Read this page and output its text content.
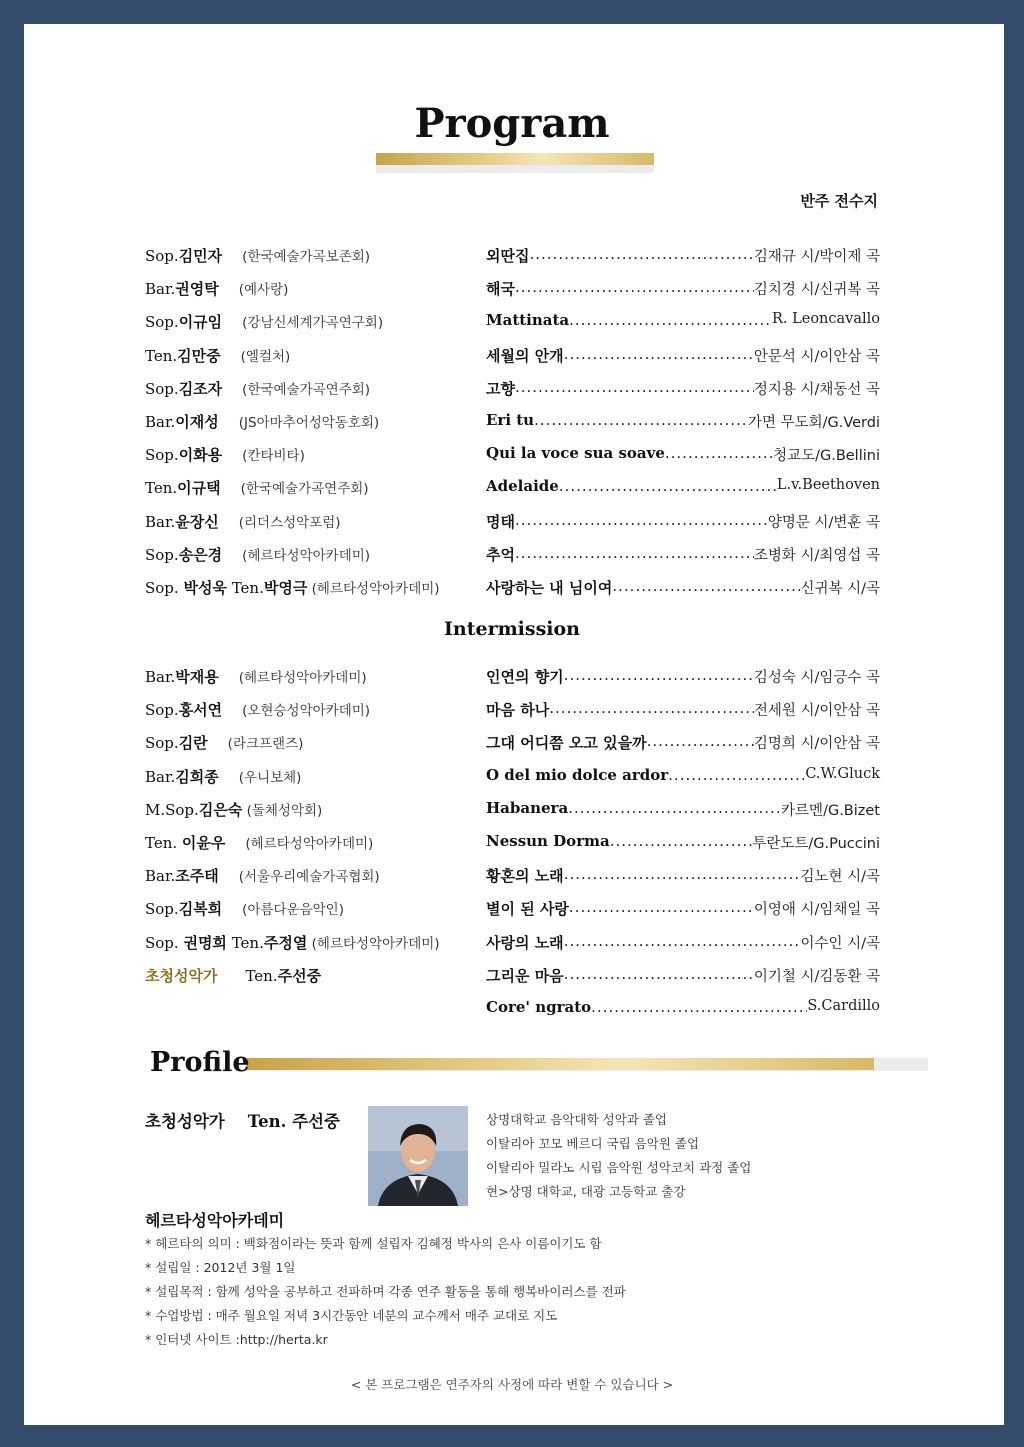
Program
반주 전수지
Sop.김민자 (한국예술가곡보존회)	외딴집 .....	김재규 시/박이제 곡
Bar.권영탁 (예사랑)	해국 .....	김치경 시/신귀복 곡
Sop.이규임 (강남신세계가곡연구회)	Mattinata .....	R. Leoncavallo
Ten.김만중 (엘컬처)	세월의 안개 .....	안문석 시/이안삼 곡
Sop.김조자 (한국예술가곡연주회)	고향 .....	정지용 시/채동선 곡
Bar.이재성 (JS아마추어성악동호회)	Eri tu .....	가면 무도회/G.Verdi
Sop.이화용 (칸타비타)	Qui la voce sua soave .....	청교도/G.Bellini
Ten.이규택 (한국예술가곡연주회)	Adelaide .....	L.v.Beethoven
Bar.윤장신 (리더스성악포럼)	명태 .....	양명문 시/변훈 곡
Sop.송은경 (헤르타성악아카데미)	추억 .....	조병화 시/최영섭 곡
Sop. 박성욱 Ten.박영극 (헤르타성악아카데미)	사랑하는 내 님이여 .....	신귀복 시/곡
Intermission
Bar.박재용 (헤르타성악아카데미)	인연의 향기 .....	김성숙 시/임긍수 곡
Sop.홍서연 (오현승성악아카데미)	마음 하나 .....	전세원 시/이안삼 곡
Sop.김란 (라크프랜즈)	그대 어디쯤 오고 있을까 .....	김명희 시/이안삼 곡
Bar.김희종 (우니보체)	O del mio dolce ardor .....	C.W.Gluck
M.Sop.김은숙 (돌체성악회)	Habanera .....	카르멘/G.Bizet
Ten. 이윤우 (헤르타성악아카데미)	Nessun Dorma .....	투란도트/G.Puccini
Bar.조주태 (서울우리예술가곡협회)	황혼의 노래 .....	김노현 시/곡
Sop.김복희 (아름다운음악인)	별이 된 사랑 .....	이영애 시/임채일 곡
Sop. 권명희 Ten.주정열 (헤르타성악아카데미)	사랑의 노래 .....	이수인 시/곡
초청성악가 Ten.주선중	그리운 마음 .....	이기철 시/김동환 곡
Core' ngrato .....	S.Cardillo
Profile
초청성악가 Ten. 주선중	상명대학교 음악대학 성악과 졸업
이탈리아 꼬모 베르디 국립 음악원 졸업
이탈리아 밀라노 시립 음악원 성악코치 과정 졸업
현>상명 대학교, 대광 고등학교 출강
헤르타성악아카데미
* 헤르타의 의미 : 백화점이라는 뜻과 함께 설립자 김혜정 박사의 은사 이름이기도 함
* 설립일 : 2012년 3월 1일
* 설립목적 : 함께 성악을 공부하고 전파하며 각종 연주 활동을 통해 행복바이러스를 전파
* 수업방법 : 매주 월요일 저녁 3시간동안 네분의 교수께서 매주 교대로 지도
* 인터넷 사이트 :http://herta.kr
< 본 프로그램은 연주자의 사정에 따라 변할 수 있습니다 >
